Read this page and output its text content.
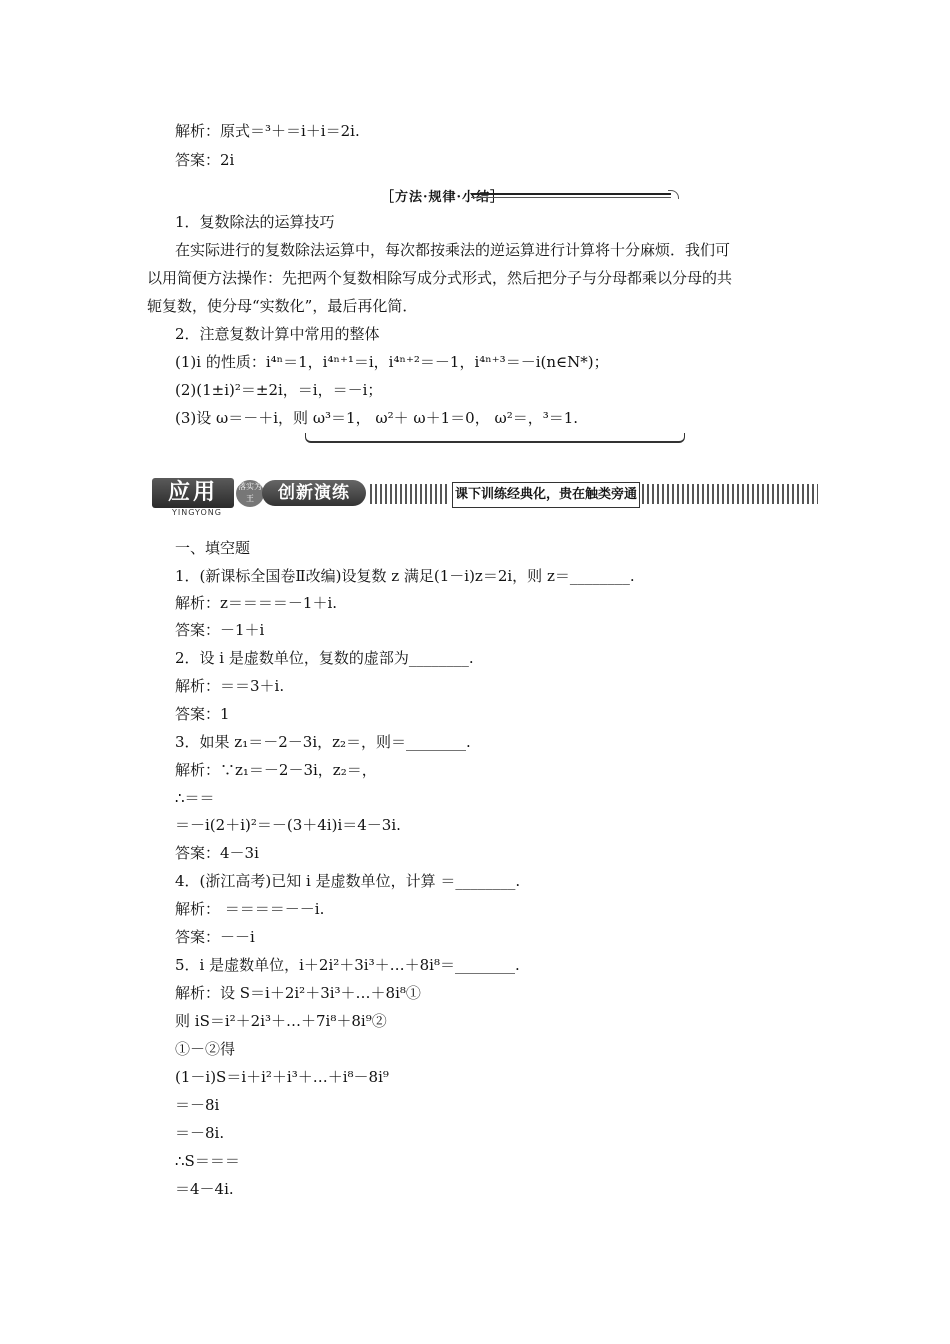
解析：原式＝³＋＝i＋i＝2i.
答案：2i
［方法·规律·小结］
1．复数除法的运算技巧
在实际进行的复数除法运算中，每次都按乘法的逆运算进行计算将十分麻烦．我们可
以用简便方法操作：先把两个复数相除写成分式形式，然后把分子与分母都乘以分母的共
轭复数，使分母“实数化”，最后再化简．
2．注意复数计算中常用的整体
(1)i 的性质：i⁴ⁿ＝1，i⁴ⁿ⁺¹＝i，i⁴ⁿ⁺²＝－1，i⁴ⁿ⁺³＝－i(n∈N*)；
(2)(1±i)²＝±2i，＝i，＝－i；
(3)设 ω＝－＋i，则 ω³＝1， ω²＋ ω＋1＝0， ω²＝，³＝1.
应用
YINGYONG
落实为王	创新演练	课下训练经典化，贵在触类旁通
一、填空题
1．(新课标全国卷Ⅱ改编)设复数 z 满足(1－i)z＝2i，则 z＝________.
解析：z＝＝＝＝－1＋i.
答案：－1＋i
2．设 i 是虚数单位，复数的虚部为________.
解析：＝＝3＋i.
答案：1
3．如果 z₁＝－2－3i，z₂＝，则＝________.
解析：∵z₁＝－2－3i，z₂＝，
∴＝＝
＝－i(2＋i)²＝－(3＋4i)i＝4－3i.
答案：4－3i
4．(浙江高考)已知 i 是虚数单位，计算 ＝________.
解析： ＝＝＝＝－－i.
答案：－－i
5．i 是虚数单位，i＋2i²＋3i³＋…＋8i⁸＝________.
解析：设 S＝i＋2i²＋3i³＋…＋8i⁸①
则 iS＝i²＋2i³＋…＋7i⁸＋8i⁹②
①－②得
(1－i)S＝i＋i²＋i³＋…＋i⁸－8i⁹
＝－8i
＝－8i.
∴S＝＝＝
＝4－4i.
